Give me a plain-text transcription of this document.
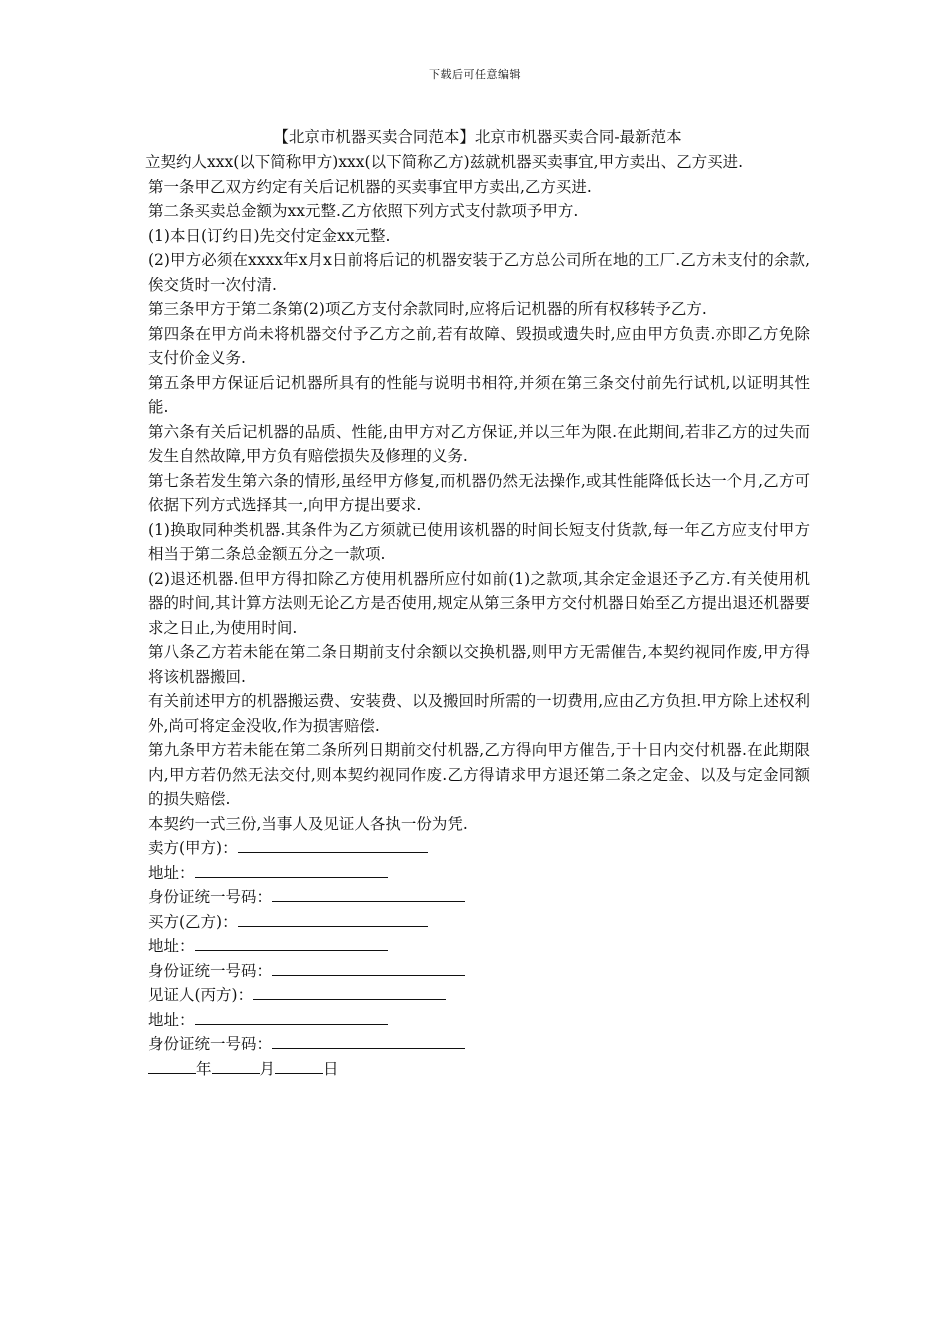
下载后可任意编辑
【北京市机器买卖合同范本】北京市机器买卖合同-最新范本

立契约人xxx(以下简称甲方)xxx(以下简称乙方)兹就机器买卖事宜,甲方卖出、乙方买进.

第一条甲乙双方约定有关后记机器的买卖事宜甲方卖出,乙方买进.

第二条买卖总金额为xx元整.乙方依照下列方式支付款项予甲方.

(1)本日(订约日)先交付定金xx元整.

(2)甲方必须在xxxx年x月x日前将后记的机器安装于乙方总公司所在地的工厂.乙方未支付的余款,俟交货时一次付清.

第三条甲方于第二条第(2)项乙方支付余款同时,应将后记机器的所有权移转予乙方.

第四条在甲方尚未将机器交付予乙方之前,若有故障、毁损或遗失时,应由甲方负责.亦即乙方免除支付价金义务.

第五条甲方保证后记机器所具有的性能与说明书相符,并须在第三条交付前先行试机,以证明其性能.

第六条有关后记机器的品质、性能,由甲方对乙方保证,并以三年为限.在此期间,若非乙方的过失而发生自然故障,甲方负有赔偿损失及修理的义务.

第七条若发生第六条的情形,虽经甲方修复,而机器仍然无法操作,或其性能降低长达一个月,乙方可依据下列方式选择其一,向甲方提出要求.

(1)换取同种类机器.其条件为乙方须就已使用该机器的时间长短支付货款,每一年乙方应支付甲方相当于第二条总金额五分之一款项.

(2)退还机器.但甲方得扣除乙方使用机器所应付如前(1)之款项,其余定金退还予乙方.有关使用机器的时间,其计算方法则无论乙方是否使用,规定从第三条甲方交付机器日始至乙方提出退还机器要求之日止,为使用时间.

第八条乙方若未能在第二条日期前支付余额以交换机器,则甲方无需催告,本契约视同作废,甲方得将该机器搬回.

有关前述甲方的机器搬运费、安装费、以及搬回时所需的一切费用,应由乙方负担.甲方除上述权利外,尚可将定金没收,作为损害赔偿.

第九条甲方若未能在第二条所列日期前交付机器,乙方得向甲方催告,于十日内交付机器.在此期限内,甲方若仍然无法交付,则本契约视同作废.乙方得请求甲方退还第二条之定金、以及与定金同额的损失赔偿.

本契约一式三份,当事人及见证人各执一份为凭.

卖方(甲方)：
地址：
身份证统一号码：
买方(乙方)：
地址：
身份证统一号码：
见证人(丙方)：
地址：
身份证统一号码：
年	月	日
